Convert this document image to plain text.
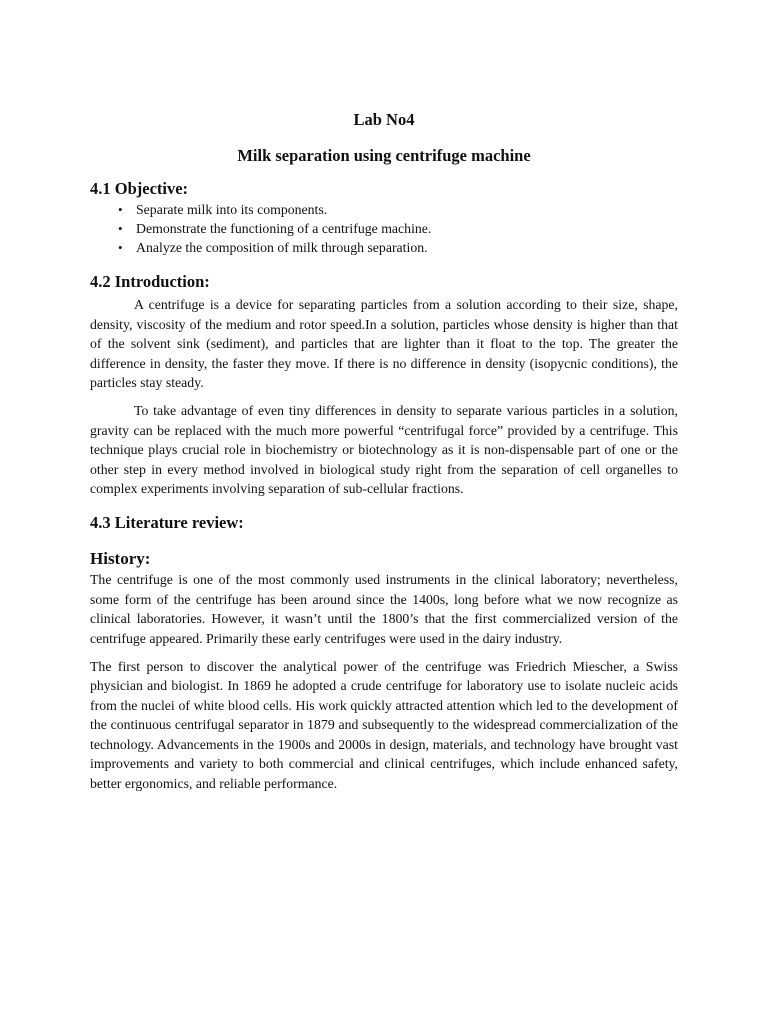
Lab No4
Milk separation using centrifuge machine
4.1 Objective:
• Separate milk into its components.
• Demonstrate the functioning of a centrifuge machine.
• Analyze the composition of milk through separation.
4.2 Introduction:

A centrifuge is a device for separating particles from a solution according to their size, shape, density, viscosity of the medium and rotor speed.In a solution, particles whose density is higher than that of the solvent sink (sediment), and particles that are lighter than it float to the top. The greater the difference in density, the faster they move. If there is no difference in density (isopycnic conditions), the particles stay steady.

To take advantage of even tiny differences in density to separate various particles in a solution, gravity can be replaced with the much more powerful “centrifugal force” provided by a centrifuge. This technique plays crucial role in biochemistry or biotechnology as it is non-dispensable part of one or the other step in every method involved in biological study right from the separation of cell organelles to complex experiments involving separation of sub-cellular fractions.

4.3 Literature review:
History:

The centrifuge is one of the most commonly used instruments in the clinical laboratory; nevertheless, some form of the centrifuge has been around since the 1400s, long before what we now recognize as clinical laboratories. However, it wasn’t until the 1800’s that the first commercialized version of the centrifuge appeared. Primarily these early centrifuges were used in the dairy industry.

The first person to discover the analytical power of the centrifuge was Friedrich Miescher, a Swiss physician and biologist. In 1869 he adopted a crude centrifuge for laboratory use to isolate nucleic acids from the nuclei of white blood cells. His work quickly attracted attention which led to the development of the continuous centrifugal separator in 1879 and subsequently to the widespread commercialization of the technology. Advancements in the 1900s and 2000s in design, materials, and technology have brought vast improvements and variety to both commercial and clinical centrifuges, which include enhanced safety, better ergonomics, and reliable performance.
